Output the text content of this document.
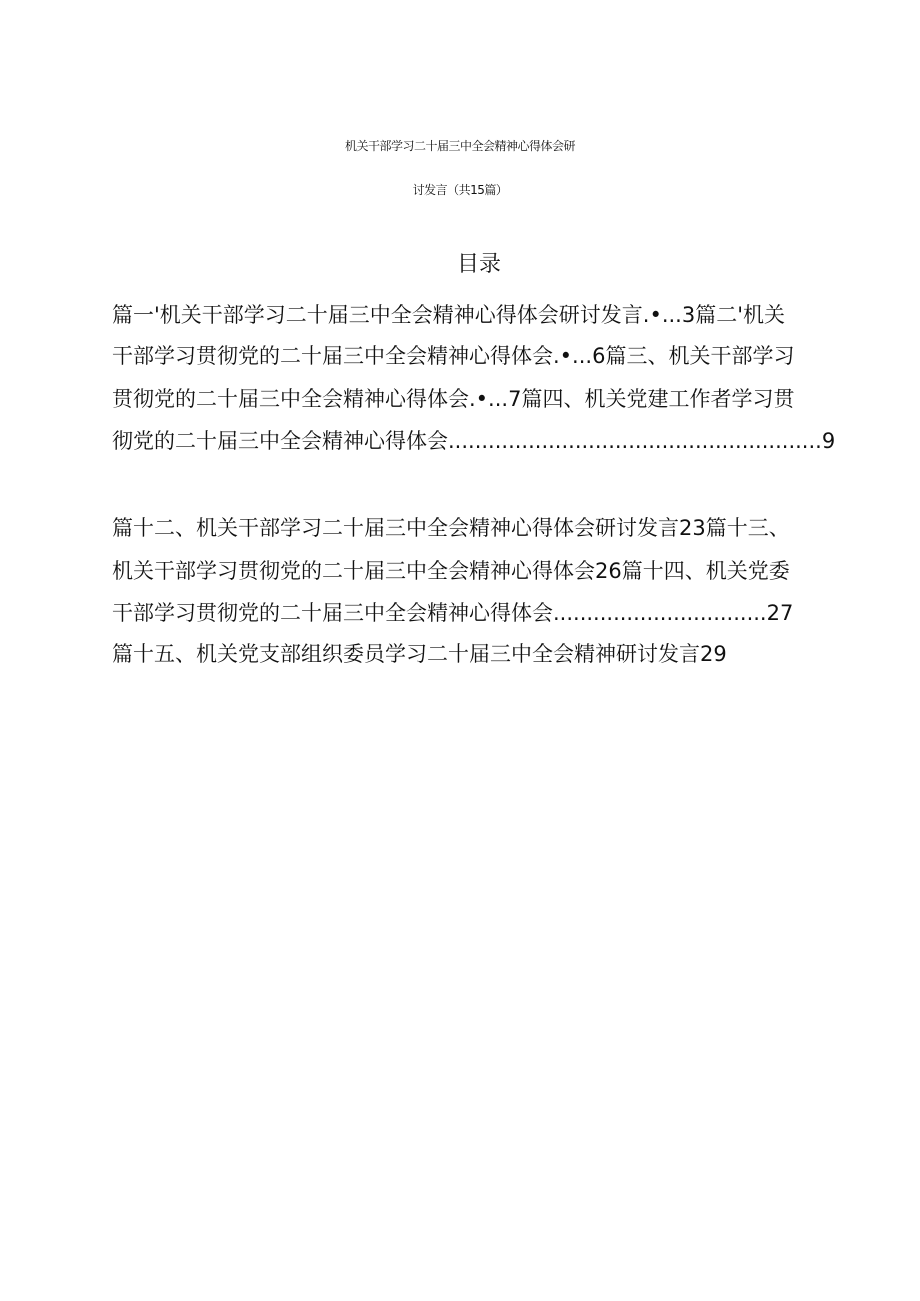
机关干部学习二十届三中全会精神心得体会研
讨发言（共15篇）
目录
篇一'机关干部学习二十届三中全会精神心得体会研讨发言.•...3篇二'机关
干部学习贯彻党的二十届三中全会精神心得体会.•...6篇三、机关干部学习
贯彻党的二十届三中全会精神心得体会.•...7篇四、机关党建工作者学习贯
彻党的二十届三中全会精神心得体会........................................................9
篇十二、机关干部学习二十届三中全会精神心得体会研讨发言23篇十三、
机关干部学习贯彻党的二十届三中全会精神心得体会26篇十四、机关党委
干部学习贯彻党的二十届三中全会精神心得体会................................27
篇十五、机关党支部组织委员学习二十届三中全会精神研讨发言29
